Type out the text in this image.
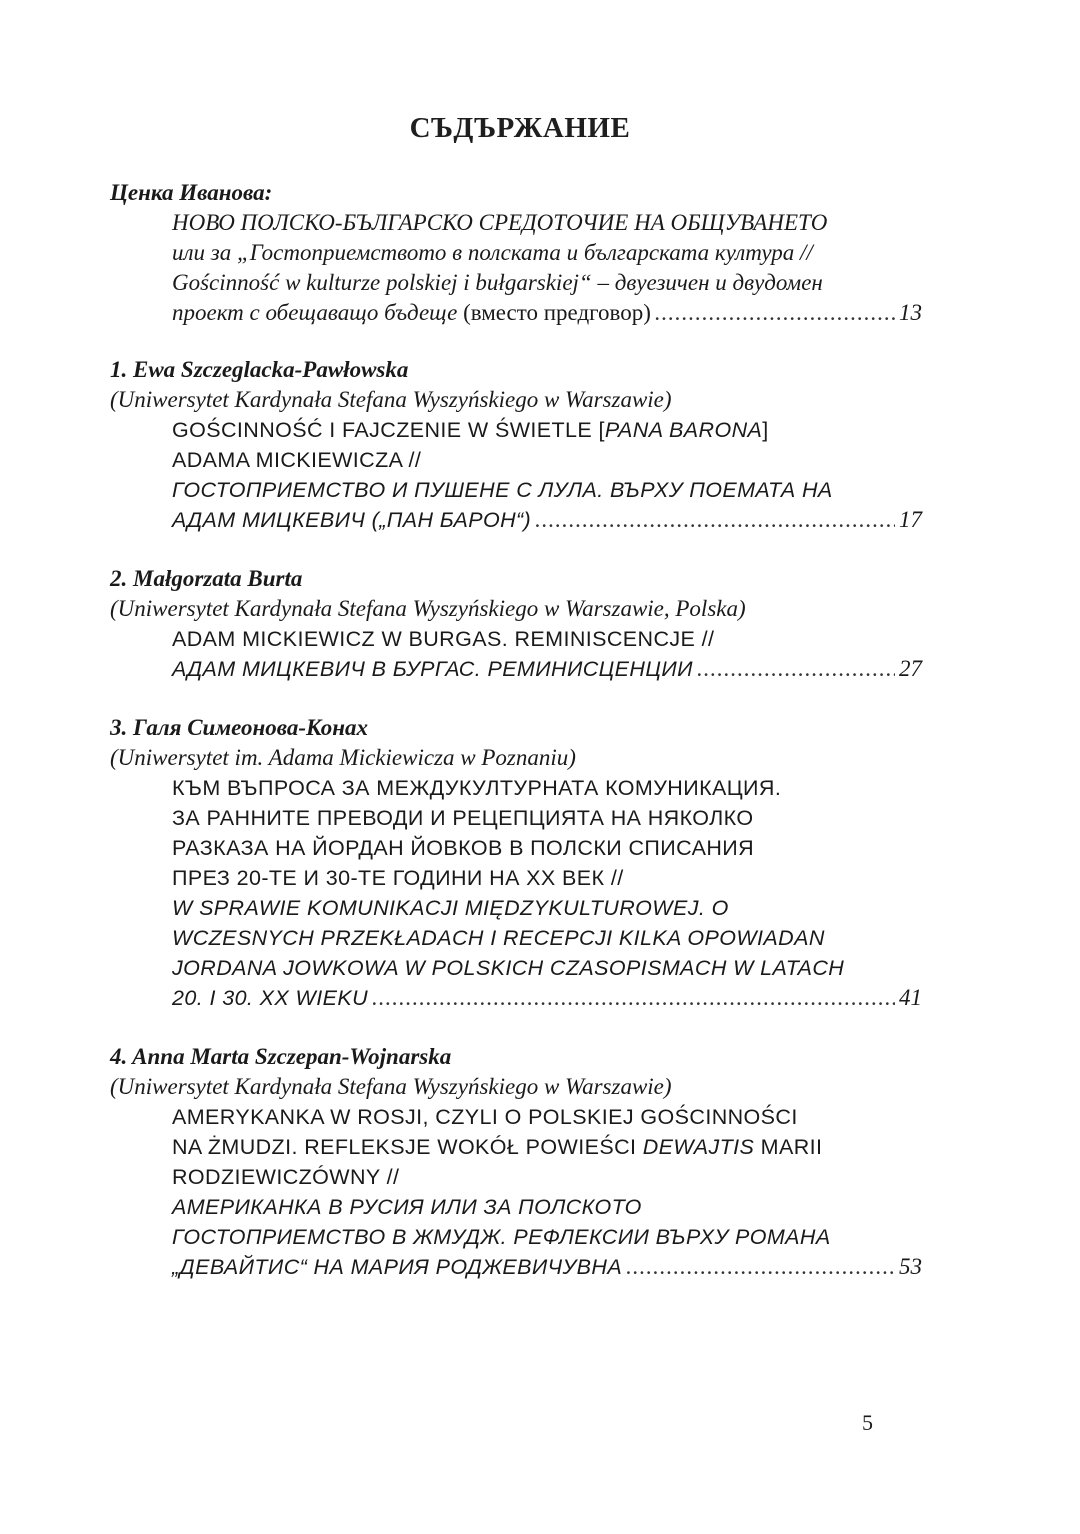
СЪДЪРЖАНИЕ
Ценка Иванова:
НОВО ПОЛСКО-БЪЛГАРСКО СРЕДОТОЧИЕ НА ОБЩУВАНЕТО
или за „Гостоприемството в полската и българската култура //
Gościnność w kulturze polskiej i bułgarskiej“ – двуезичен и двудомен
проект с обещаващо бъдеще (вместо предговор) .....	13
1. Ewa Szczeglacka-Pawłowska
(Uniwersytet Kardynała Stefana Wyszyńskiego w Warszawie)
GOŚCINNOŚĆ I FAJCZENIE W ŚWIETLE [PANA BARONA]
ADAMA MICKIEWICZA //
ГОСТОПРИЕМСТВО И ПУШЕНЕ С ЛУЛА. ВЪРХУ ПОЕМАТА НА
АДАМ МИЦКЕВИЧ („ПАН БАРОН“) .....	17
2. Małgorzata Burta
(Uniwersytet Kardynała Stefana Wyszyńskiego w Warszawie, Polska)
ADAM MICKIEWICZ W BURGAS. REMINISCENCJE //
АДАМ МИЦКЕВИЧ В БУРГАС. РЕМИНИСЦЕНЦИИ .....	27
3. Галя Симеонова-Конах
(Uniwersytet im. Adama Mickiewicza w Poznaniu)
КЪМ ВЪПРОСА ЗА МЕЖДУКУЛТУРНАТА КОМУНИКАЦИЯ.
ЗА РАННИТЕ ПРЕВОДИ И РЕЦЕПЦИЯТА НА НЯКОЛКО
РАЗКАЗА НА ЙОРДАН ЙОВКОВ В ПОЛСКИ СПИСАНИЯ
ПРЕЗ 20-ТЕ И 30-ТЕ ГОДИНИ НА XX ВЕК //
W SPRAWIE KOMUNIKACJI MIĘDZYKULTUROWEJ. O
WCZESNYCH PRZEKŁADACH I RECEPCJI KILKA OPOWIADAN
JORDANA JOWKOWA W POLSKICH CZASOPISMACH W LATACH
20. I 30. XX WIEKU .....	41
4. Anna Marta Szczepan-Wojnarska
(Uniwersytet Kardynała Stefana Wyszyńskiego w Warszawie)
AMERYKANKA W ROSJI, CZYLI O POLSKIEJ GOŚCINNOŚCI
NA ŻMUDZI. REFLEKSJE WOKÓŁ POWIEŚCI DEWAJTIS MARII
RODZIEWICZÓWNY //
АМЕРИКАНКА В РУСИЯ ИЛИ ЗА ПОЛСКОТО
ГОСТОПРИЕМСТВО В ЖМУДЖ. РЕФЛЕКСИИ ВЪРХУ РОМАНА
„ДЕВАЙТИС“ НА МАРИЯ РОДЖЕВИЧУВНА .....	53
5
